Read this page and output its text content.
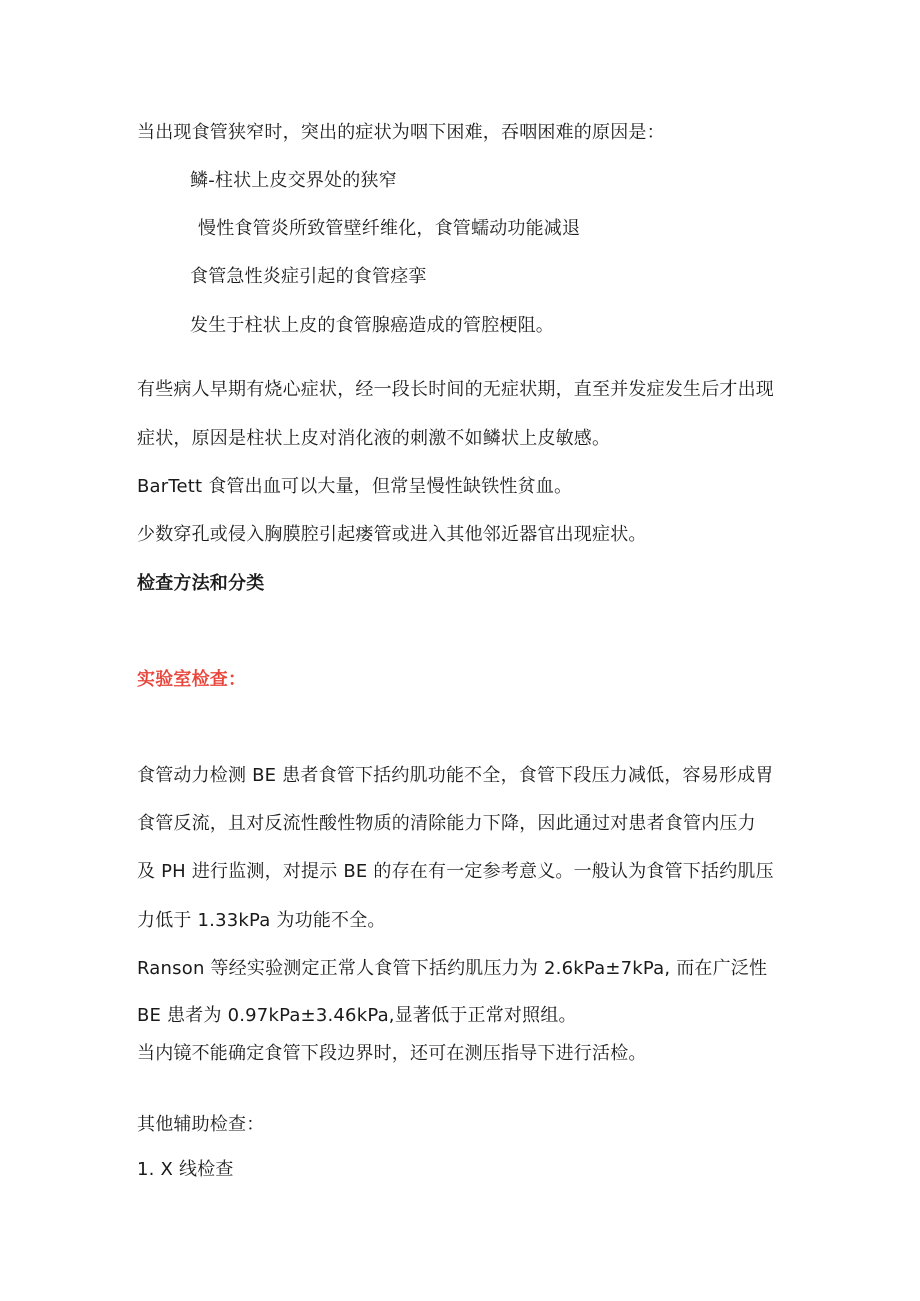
当出现食管狭窄时，突出的症状为咽下困难，吞咽困难的原因是：
鳞-柱状上皮交界处的狭窄
慢性食管炎所致管壁纤维化，食管蠕动功能减退
食管急性炎症引起的食管痉挛
发生于柱状上皮的食管腺癌造成的管腔梗阻。
有些病人早期有烧心症状，经一段长时间的无症状期，直至并发症发生后才出现
症状，原因是柱状上皮对消化液的刺激不如鳞状上皮敏感。
BarTett 食管出血可以大量，但常呈慢性缺铁性贫血。
少数穿孔或侵入胸膜腔引起瘘管或进入其他邻近器官出现症状。
检查方法和分类
实验室检查：
食管动力检测 BE 患者食管下括约肌功能不全，食管下段压力减低，容易形成胃
食管反流，且对反流性酸性物质的清除能力下降，因此通过对患者食管内压力
及 PH 进行监测，对提示 BE 的存在有一定参考意义。一般认为食管下括约肌压
力低于 1.33kPa 为功能不全。
Ranson 等经实验测定正常人食管下括约肌压力为 2.6kPa±7kPa, 而在广泛性
BE 患者为 0.97kPa±3.46kPa,显著低于正常对照组。
当内镜不能确定食管下段边界时，还可在测压指导下进行活检。
其他辅助检查：
1. X 线检查
